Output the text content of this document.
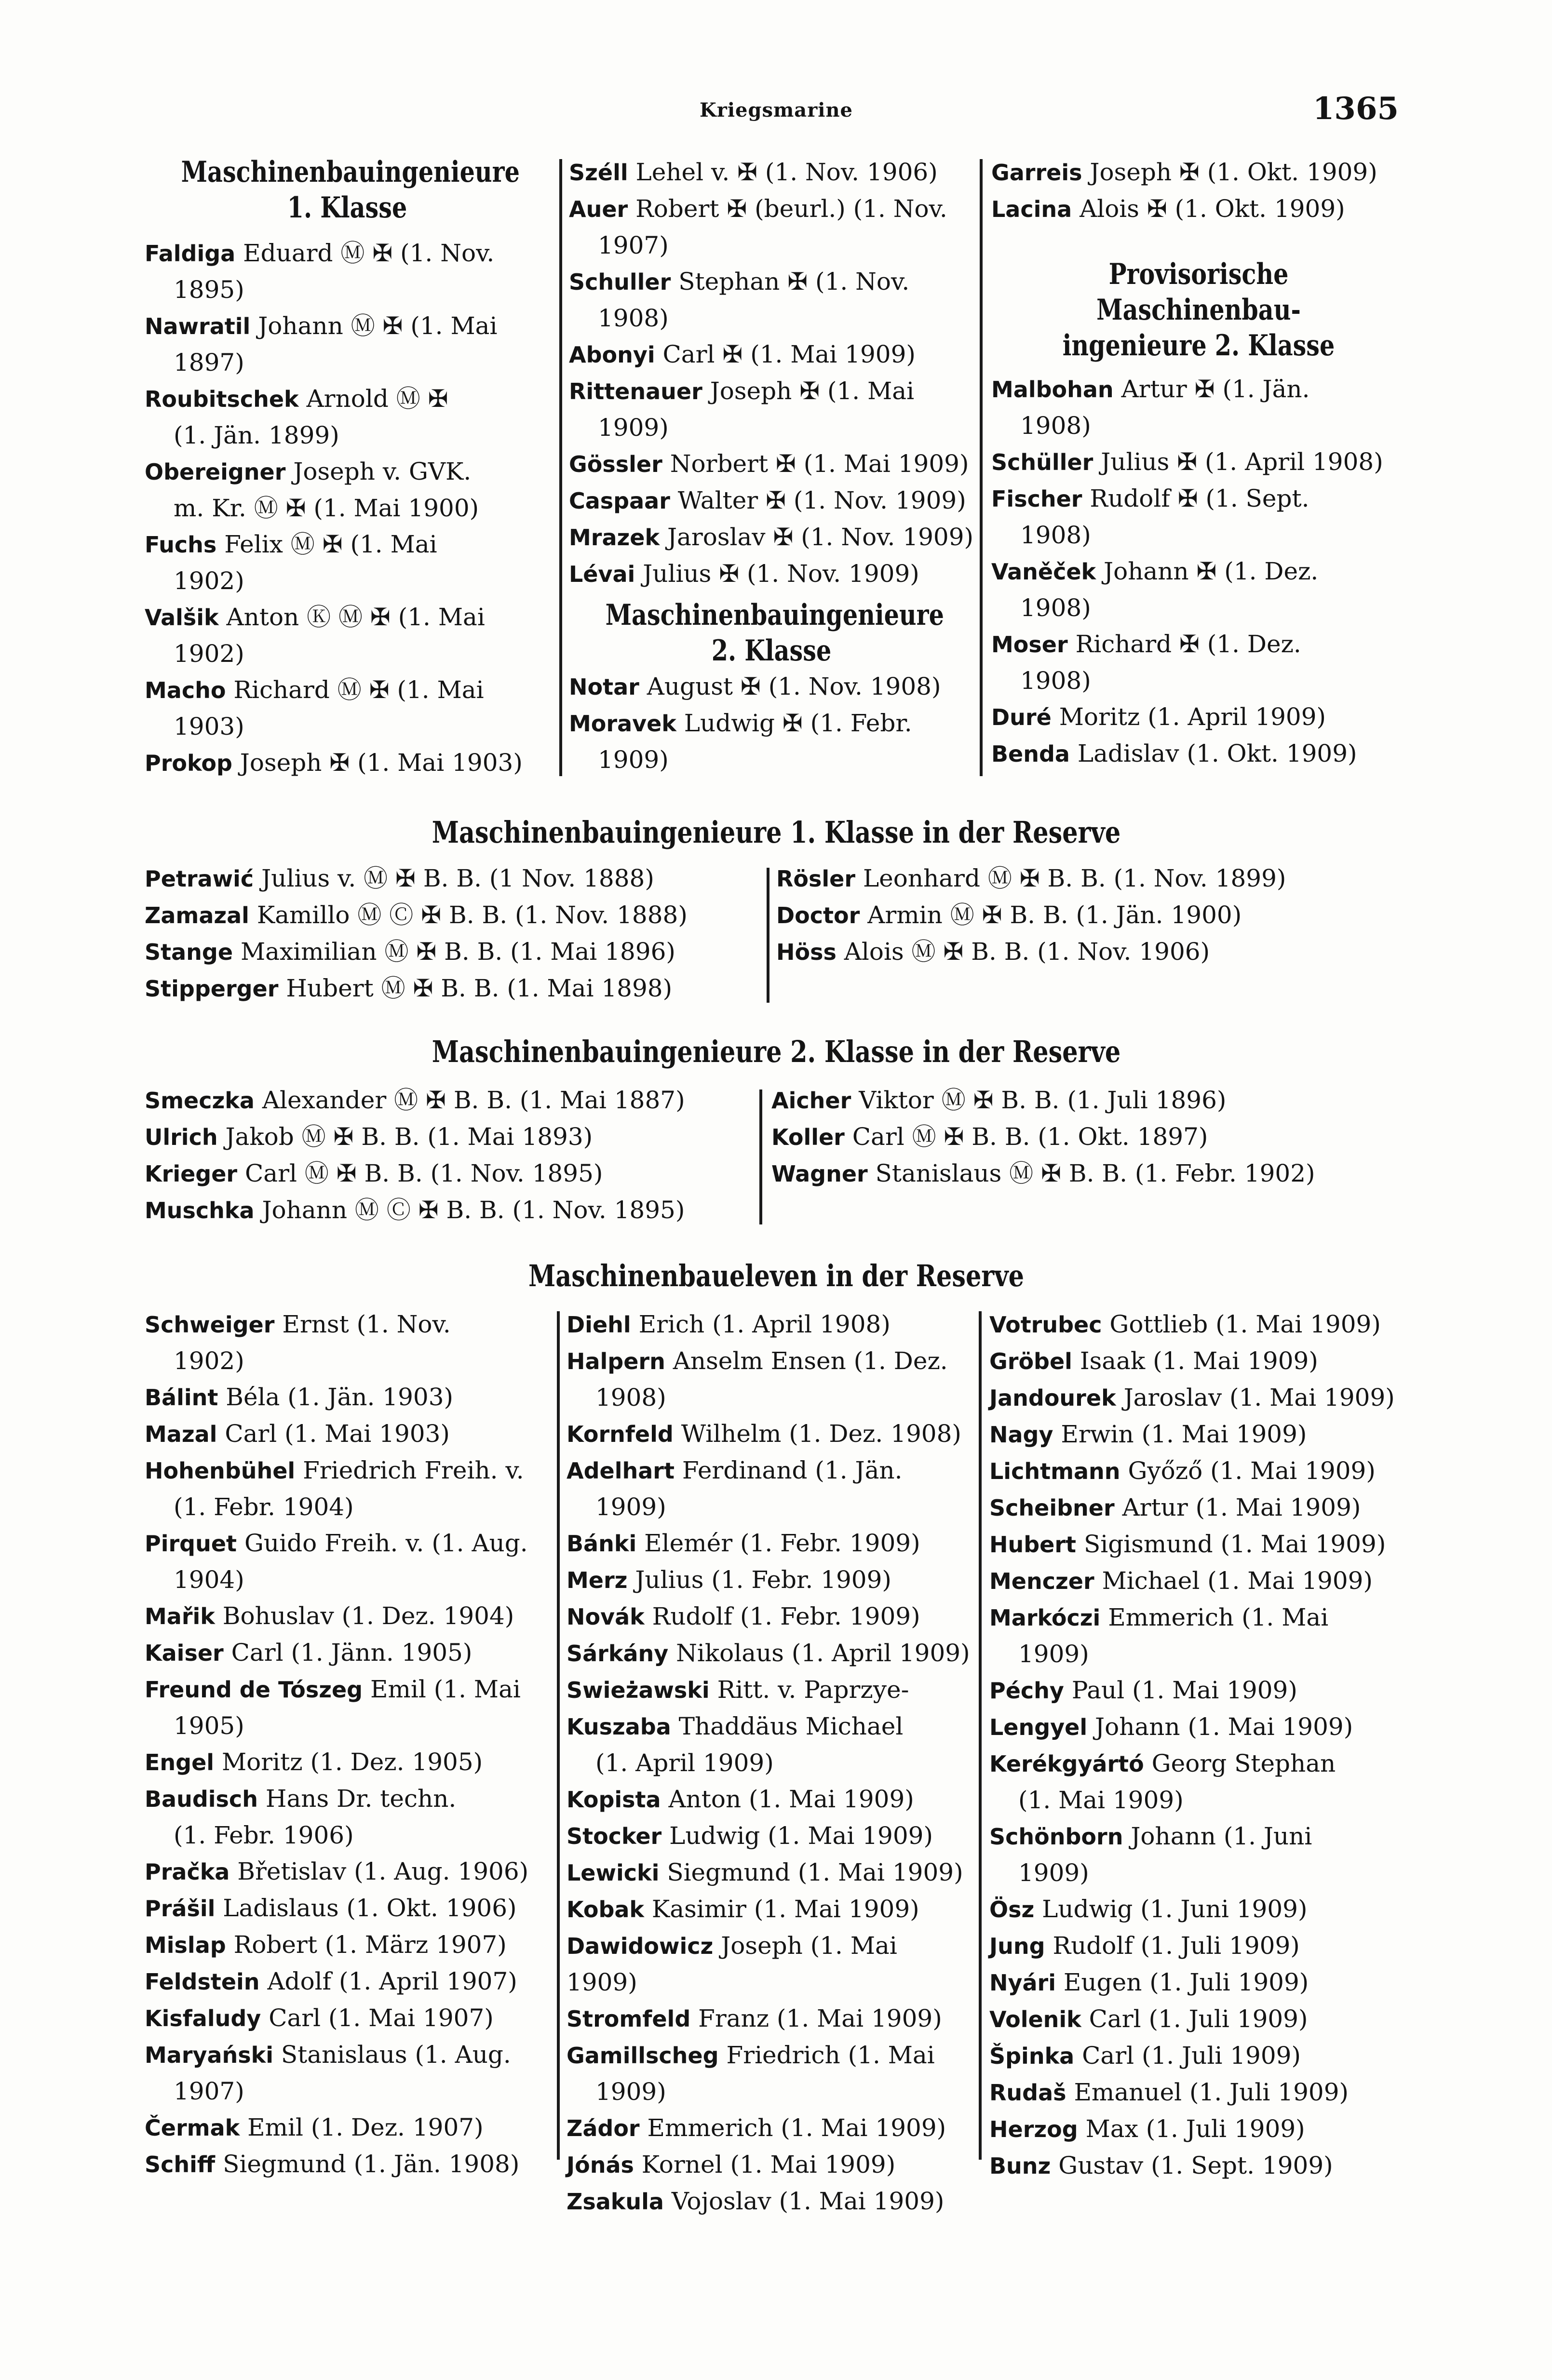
Kriegsmarine	1365
Maschinenbauingenieure
1. Klasse
Faldiga Eduard Ⓜ ✠ (1. Nov.
1895)
Nawratil Johann Ⓜ ✠ (1. Mai
1897)
Roubitschek Arnold Ⓜ ✠
(1. Jän. 1899)
Obereigner Joseph v. GVK.
m. Kr. Ⓜ ✠ (1. Mai 1900)
Fuchs Felix Ⓜ ✠ (1. Mai
1902)
Valšik Anton Ⓚ Ⓜ ✠ (1. Mai
1902)
Macho Richard Ⓜ ✠ (1. Mai
1903)
Prokop Joseph ✠ (1. Mai 1903)
Széll Lehel v. ✠ (1. Nov. 1906)
Auer Robert ✠ (beurl.) (1. Nov.
1907)
Schuller Stephan ✠ (1. Nov.
1908)
Abonyi Carl ✠ (1. Mai 1909)
Rittenauer Joseph ✠ (1. Mai
1909)
Gössler Norbert ✠ (1. Mai 1909)
Caspaar Walter ✠ (1. Nov. 1909)
Mrazek Jaroslav ✠ (1. Nov. 1909)
Lévai Julius ✠ (1. Nov. 1909)
Maschinenbauingenieure
2. Klasse
Notar August ✠ (1. Nov. 1908)
Moravek Ludwig ✠ (1. Febr.
1909)
Garreis Joseph ✠ (1. Okt. 1909)
Lacina Alois ✠ (1. Okt. 1909)
Provisorische Maschinenbau-
ingenieure 2. Klasse
Malbohan Artur ✠ (1. Jän.
1908)
Schüller Julius ✠ (1. April 1908)
Fischer Rudolf ✠ (1. Sept.
1908)
Vaněček Johann ✠ (1. Dez.
1908)
Moser Richard ✠ (1. Dez.
1908)
Duré Moritz (1. April 1909)
Benda Ladislav (1. Okt. 1909)
Maschinenbauingenieure 1. Klasse in der Reserve
Petrawić Julius v. Ⓜ ✠ B. B. (1 Nov. 1888)
Zamazal Kamillo Ⓜ Ⓒ ✠ B. B. (1. Nov. 1888)
Stange Maximilian Ⓜ ✠ B. B. (1. Mai 1896)
Stipperger Hubert Ⓜ ✠ B. B. (1. Mai 1898)
Rösler Leonhard Ⓜ ✠ B. B. (1. Nov. 1899)
Doctor Armin Ⓜ ✠ B. B. (1. Jän. 1900)
Höss Alois Ⓜ ✠ B. B. (1. Nov. 1906)
Maschinenbauingenieure 2. Klasse in der Reserve
Smeczka Alexander Ⓜ ✠ B. B. (1. Mai 1887)
Ulrich Jakob Ⓜ ✠ B. B. (1. Mai 1893)
Krieger Carl Ⓜ ✠ B. B. (1. Nov. 1895)
Muschka Johann Ⓜ Ⓒ ✠ B. B. (1. Nov. 1895)
Aicher Viktor Ⓜ ✠ B. B. (1. Juli 1896)
Koller Carl Ⓜ ✠ B. B. (1. Okt. 1897)
Wagner Stanislaus Ⓜ ✠ B. B. (1. Febr. 1902)
Maschinenbaueleven in der Reserve
Schweiger Ernst (1. Nov.
1902)
Bálint Béla (1. Jän. 1903)
Mazal Carl (1. Mai 1903)
Hohenbühel Friedrich Freih. v.
(1. Febr. 1904)
Pirquet Guido Freih. v. (1. Aug.
1904)
Mařik Bohuslav (1. Dez. 1904)
Kaiser Carl (1. Jänn. 1905)
Freund de Tószeg Emil (1. Mai
1905)
Engel Moritz (1. Dez. 1905)
Baudisch Hans Dr. techn.
(1. Febr. 1906)
Pračka Břetislav (1. Aug. 1906)
Prášil Ladislaus (1. Okt. 1906)
Mislap Robert (1. März 1907)
Feldstein Adolf (1. April 1907)
Kisfaludy Carl (1. Mai 1907)
Maryański Stanislaus (1. Aug.
1907)
Čermak Emil (1. Dez. 1907)
Schiff Siegmund (1. Jän. 1908)
Diehl Erich (1. April 1908)
Halpern Anselm Ensen (1. Dez.
1908)
Kornfeld Wilhelm (1. Dez. 1908)
Adelhart Ferdinand (1. Jän.
1909)
Bánki Elemér (1. Febr. 1909)
Merz Julius (1. Febr. 1909)
Novák Rudolf (1. Febr. 1909)
Sárkány Nikolaus (1. April 1909)
Swieżawski Ritt. v. Paprzye-
Kuszaba Thaddäus Michael
(1. April 1909)
Kopista Anton (1. Mai 1909)
Stocker Ludwig (1. Mai 1909)
Lewicki Siegmund (1. Mai 1909)
Kobak Kasimir (1. Mai 1909)
Dawidowicz Joseph (1. Mai 1909)
Stromfeld Franz (1. Mai 1909)
Gamillscheg Friedrich (1. Mai
1909)
Zádor Emmerich (1. Mai 1909)
Jónás Kornel (1. Mai 1909)
Zsakula Vojoslav (1. Mai 1909)
Votrubec Gottlieb (1. Mai 1909)
Gröbel Isaak (1. Mai 1909)
Jandourek Jaroslav (1. Mai 1909)
Nagy Erwin (1. Mai 1909)
Lichtmann Győző (1. Mai 1909)
Scheibner Artur (1. Mai 1909)
Hubert Sigismund (1. Mai 1909)
Menczer Michael (1. Mai 1909)
Markóczi Emmerich (1. Mai
1909)
Péchy Paul (1. Mai 1909)
Lengyel Johann (1. Mai 1909)
Kerékgyártó Georg Stephan
(1. Mai 1909)
Schönborn Johann (1. Juni
1909)
Ösz Ludwig (1. Juni 1909)
Jung Rudolf (1. Juli 1909)
Nyári Eugen (1. Juli 1909)
Volenik Carl (1. Juli 1909)
Špinka Carl (1. Juli 1909)
Rudaš Emanuel (1. Juli 1909)
Herzog Max (1. Juli 1909)
Bunz Gustav (1. Sept. 1909)
